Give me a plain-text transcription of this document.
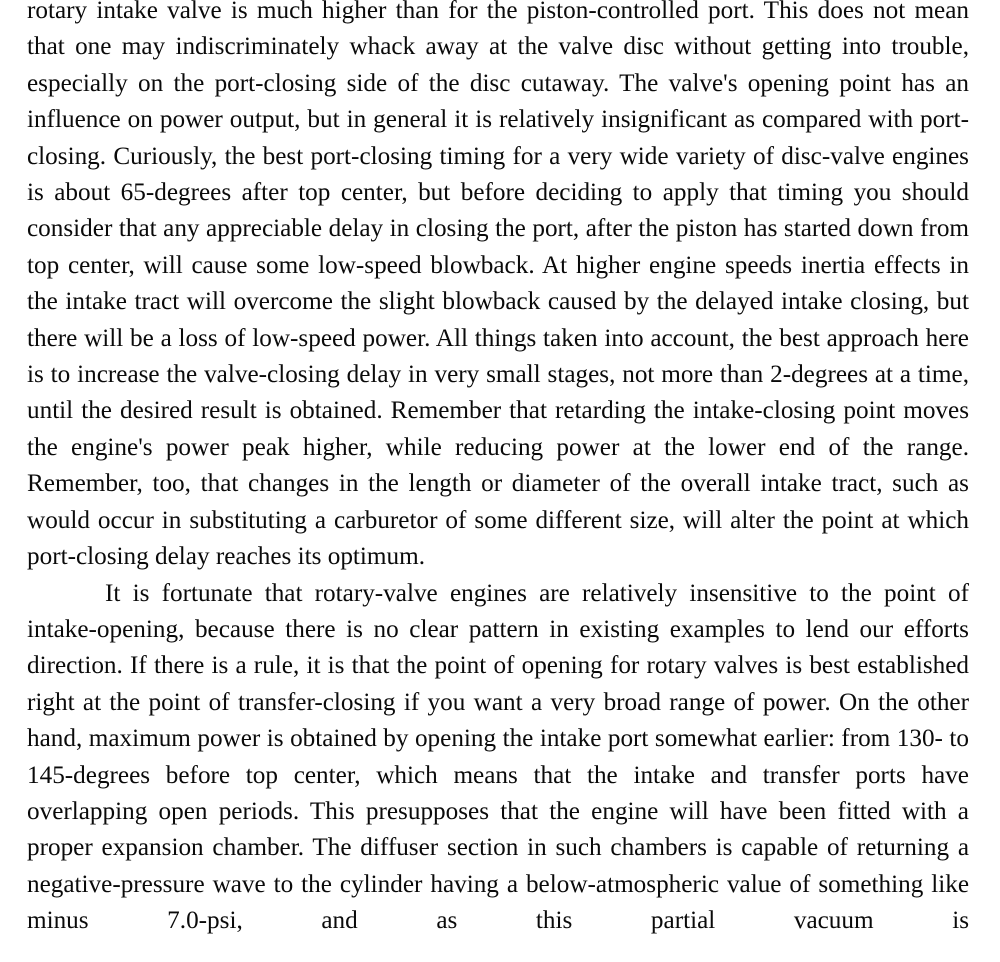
rotary intake valve is much higher than for the piston-controlled port. This does not mean that one may indiscriminately whack away at the valve disc without getting into trouble, especially on the port-closing side of the disc cutaway. The valve's opening point has an influence on power output, but in general it is relatively insignificant as compared with port-closing. Curiously, the best port-closing timing for a very wide variety of disc-valve engines is about 65-degrees after top center, but before deciding to apply that timing you should consider that any appreciable delay in closing the port, after the piston has started down from top center, will cause some low-speed blowback. At higher engine speeds inertia effects in the intake tract will overcome the slight blowback caused by the delayed intake closing, but there will be a loss of low-speed power. All things taken into account, the best approach here is to increase the valve-closing delay in very small stages, not more than 2-degrees at a time, until the desired result is obtained. Remember that retarding the intake-closing point moves the engine's power peak higher, while reducing power at the lower end of the range. Remember, too, that changes in the length or diameter of the overall intake tract, such as would occur in substituting a carburetor of some different size, will alter the point at which port-closing delay reaches its optimum.

It is fortunate that rotary-valve engines are relatively insensitive to the point of intake-opening, because there is no clear pattern in existing examples to lend our efforts direction. If there is a rule, it is that the point of opening for rotary valves is best established right at the point of transfer-closing if you want a very broad range of power. On the other hand, maximum power is obtained by opening the intake port somewhat earlier: from 130- to 145-degrees before top center, which means that the intake and transfer ports have overlapping open periods. This presupposes that the engine will have been fitted with a proper expansion chamber. The diffuser section in such chambers is capable of returning a negative-pressure wave to the cylinder having a below-atmospheric value of something like minus 7.0-psi, and as this partial vacuum is
